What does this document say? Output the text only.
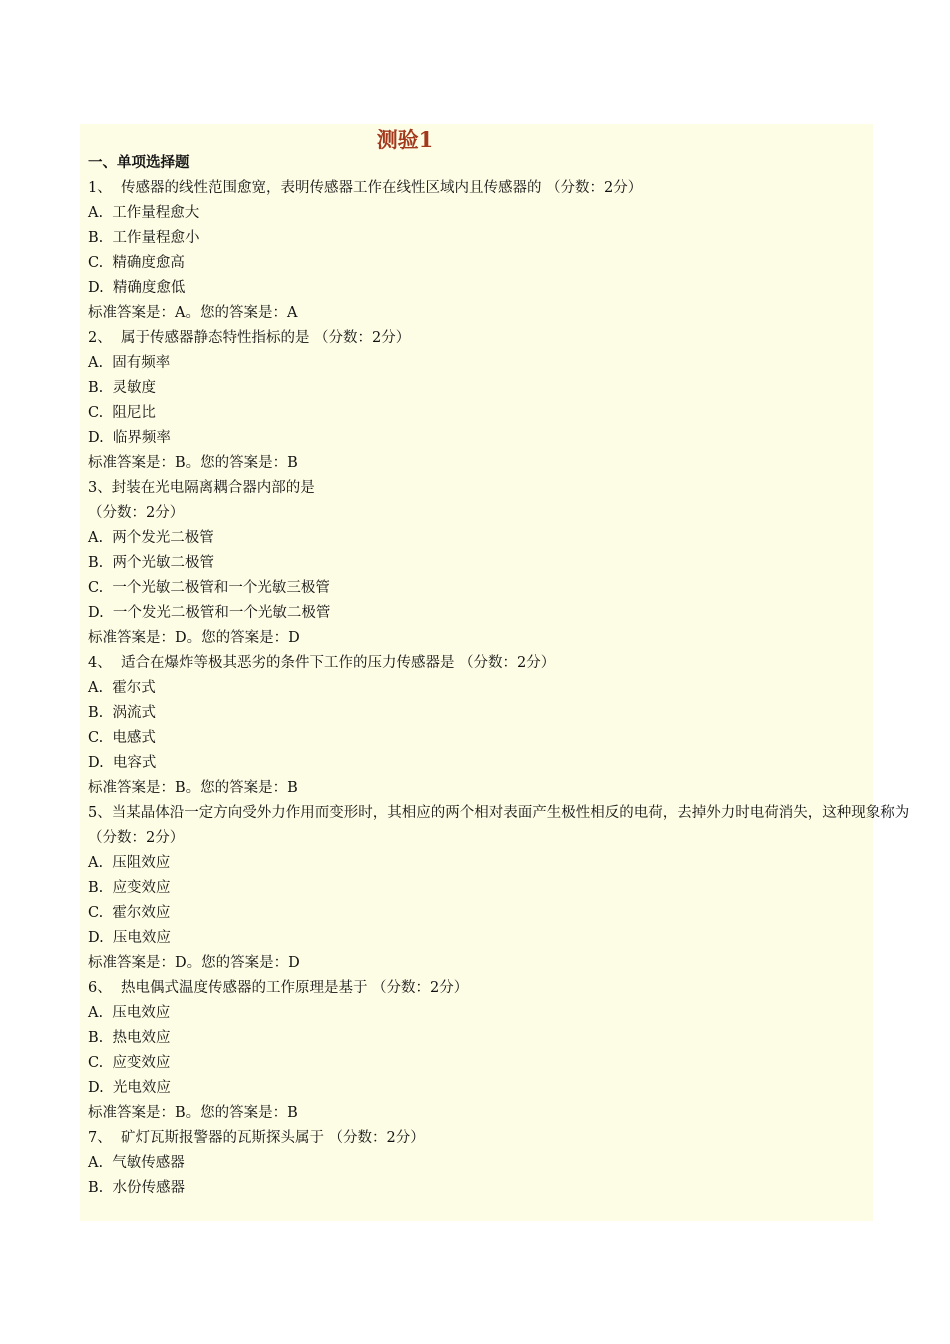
测验1
一、单项选择题
1、  传感器的线性范围愈宽，表明传感器工作在线性区域内且传感器的 （分数：2分）
A.  工作量程愈大
B.  工作量程愈小
C.  精确度愈高
D.  精确度愈低
标准答案是：A。您的答案是：A
2、  属于传感器静态特性指标的是 （分数：2分）
A.  固有频率
B.  灵敏度
C.  阻尼比
D.  临界频率
标准答案是：B。您的答案是：B
3、封装在光电隔离耦合器内部的是
（分数：2分）
A.  两个发光二极管
B.  两个光敏二极管
C.  一个光敏二极管和一个光敏三极管
D.  一个发光二极管和一个光敏二极管
标准答案是：D。您的答案是：D
4、  适合在爆炸等极其恶劣的条件下工作的压力传感器是 （分数：2分）
A.  霍尔式
B.  涡流式
C.  电感式
D.  电容式
标准答案是：B。您的答案是：B
5、当某晶体沿一定方向受外力作用而变形时，其相应的两个相对表面产生极性相反的电荷，去掉外力时电荷消失，这种现象称为
（分数：2分）
A.  压阻效应
B.  应变效应
C.  霍尔效应
D.  压电效应
标准答案是：D。您的答案是：D
6、  热电偶式温度传感器的工作原理是基于 （分数：2分）
A.  压电效应
B.  热电效应
C.  应变效应
D.  光电效应
标准答案是：B。您的答案是：B
7、  矿灯瓦斯报警器的瓦斯探头属于 （分数：2分）
A.  气敏传感器
B.  水份传感器
